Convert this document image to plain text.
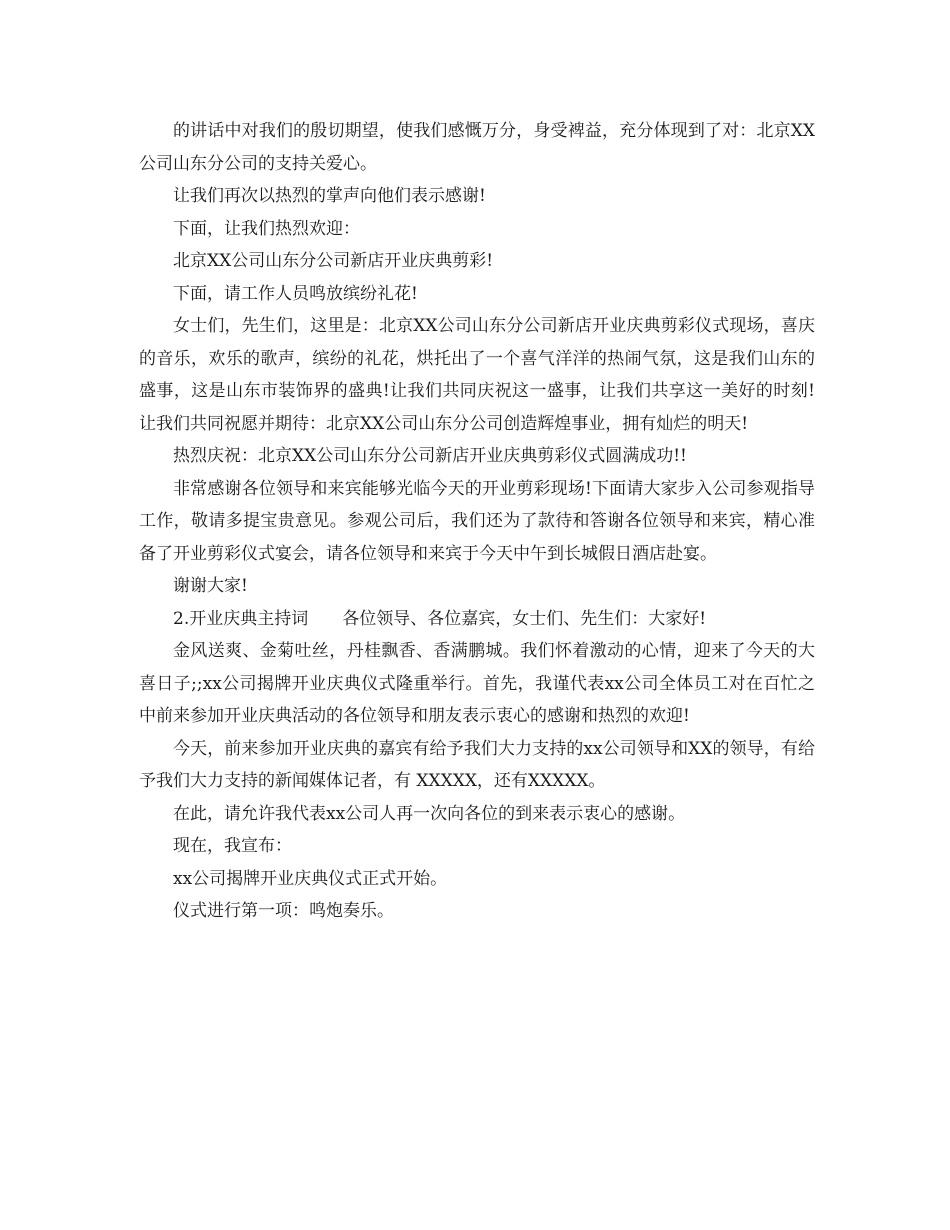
的讲话中对我们的殷切期望，使我们感慨万分，身受裨益，充分体现到了对：北京XX公司山东分公司的支持关爱心。

让我们再次以热烈的掌声向他们表示感谢!

下面，让我们热烈欢迎：

北京XX公司山东分公司新店开业庆典剪彩!

下面，请工作人员鸣放缤纷礼花!

女士们，先生们，这里是：北京XX公司山东分公司新店开业庆典剪彩仪式现场，喜庆的音乐，欢乐的歌声，缤纷的礼花，烘托出了一个喜气洋洋的热闹气氛，这是我们山东的盛事，这是山东市装饰界的盛典!让我们共同庆祝这一盛事，让我们共享这一美好的时刻!让我们共同祝愿并期待：北京XX公司山东分公司创造辉煌事业，拥有灿烂的明天!

热烈庆祝：北京XX公司山东分公司新店开业庆典剪彩仪式圆满成功!!

非常感谢各位领导和来宾能够光临今天的开业剪彩现场!下面请大家步入公司参观指导工作，敬请多提宝贵意见。参观公司后，我们还为了款待和答谢各位领导和来宾，精心准备了开业剪彩仪式宴会，请各位领导和来宾于今天中午到长城假日酒店赴宴。

谢谢大家!

2.开业庆典主持词　　各位领导、各位嘉宾，女士们、先生们：大家好!

金风送爽、金菊吐丝，丹桂飘香、香满鹏城。我们怀着激动的心情，迎来了今天的大喜日子;;xx公司揭牌开业庆典仪式隆重举行。首先，我谨代表xx公司全体员工对在百忙之中前来参加开业庆典活动的各位领导和朋友表示衷心的感谢和热烈的欢迎!

今天，前来参加开业庆典的嘉宾有给予我们大力支持的xx公司领导和XX的领导，有给予我们大力支持的新闻媒体记者，有 XXXXX，还有XXXXX。

在此，请允许我代表xx公司人再一次向各位的到来表示衷心的感谢。

现在，我宣布：

xx公司揭牌开业庆典仪式正式开始。

仪式进行第一项：鸣炮奏乐。
